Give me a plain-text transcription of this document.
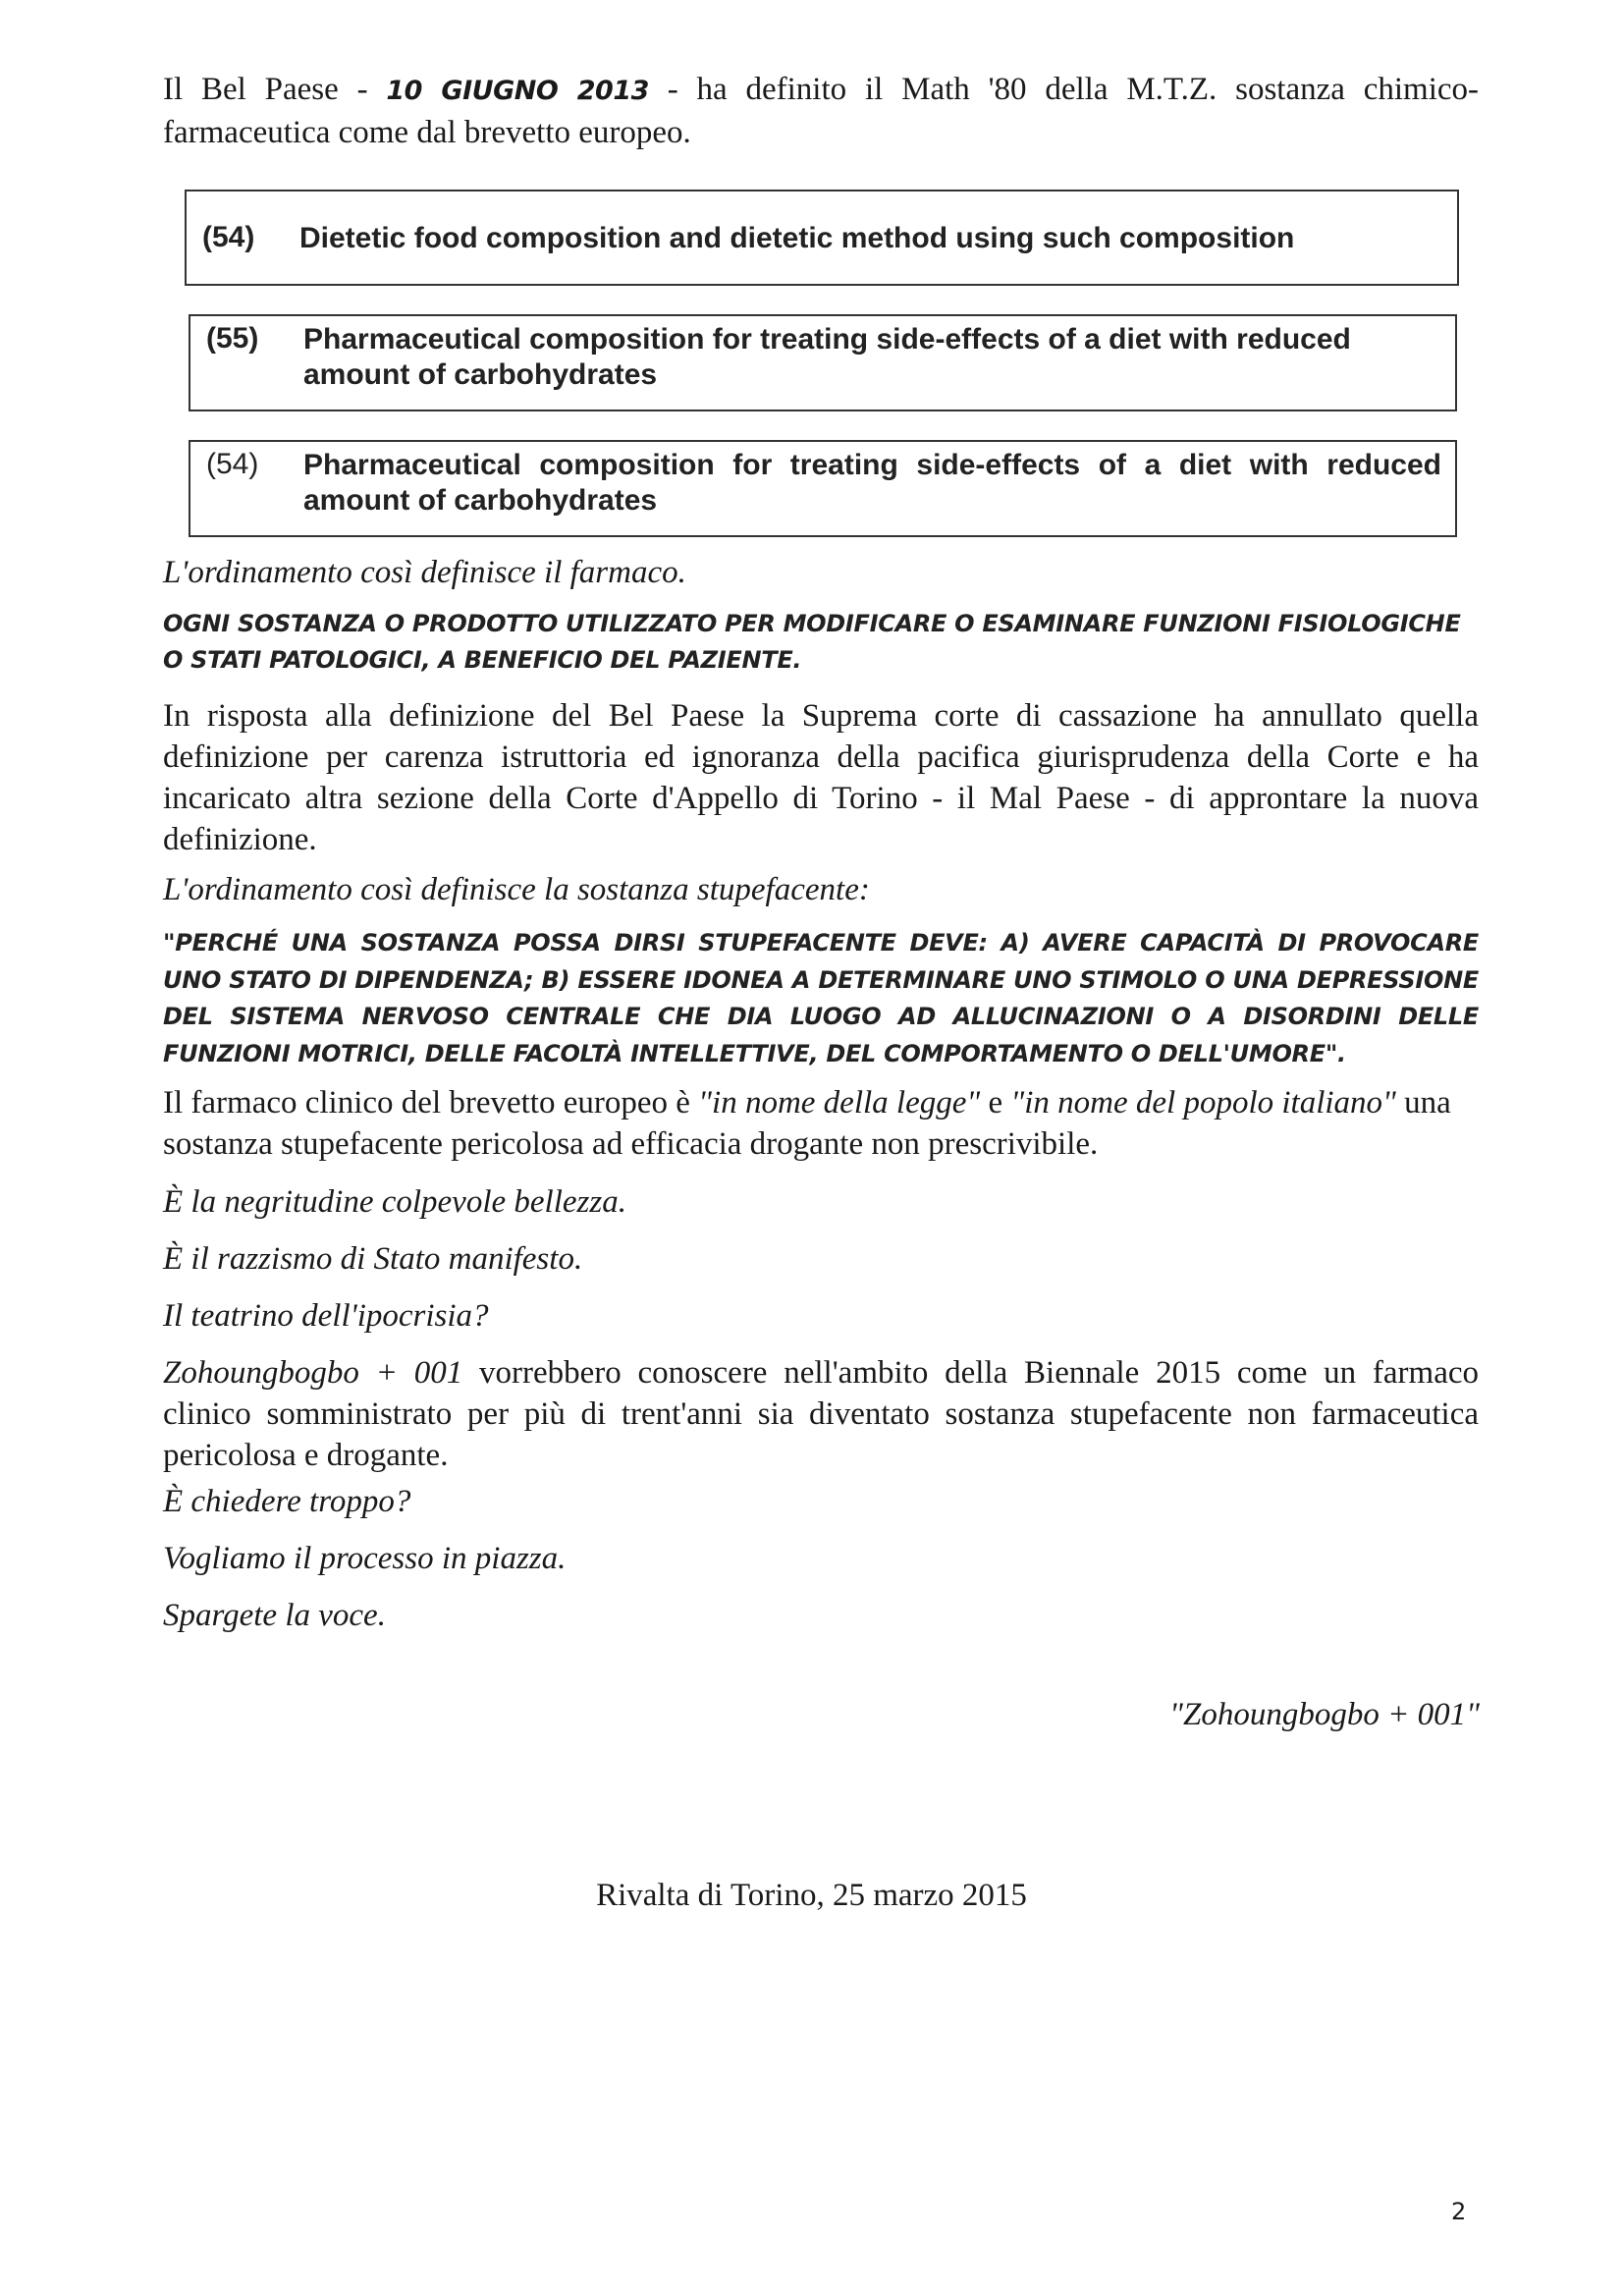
Il Bel Paese - 10 GIUGNO 2013 - ha definito il Math '80 della M.T.Z. sostanza chimico-farmaceutica come dal brevetto europeo.

(54) Dietetic food composition and dietetic method using such composition
(55) Pharmaceutical composition for treating side-effects of a diet with reduced amount of carbohydrates
(54) Pharmaceutical composition for treating side-effects of a diet with reduced amount of carbohydrates

L'ordinamento così definisce il farmaco.

OGNI SOSTANZA O PRODOTTO UTILIZZATO PER MODIFICARE O ESAMINARE FUNZIONI FISIOLOGICHE O STATI PATOLOGICI, A BENEFICIO DEL PAZIENTE.

In risposta alla definizione del Bel Paese la Suprema corte di cassazione ha annullato quella definizione per carenza istruttoria ed ignoranza della pacifica giurisprudenza della Corte e ha incaricato altra sezione della Corte d'Appello di Torino - il Mal Paese - di approntare la nuova definizione.

L'ordinamento così definisce la sostanza stupefacente:

"PERCHÉ UNA SOSTANZA POSSA DIRSI STUPEFACENTE DEVE: A) AVERE CAPACITÀ DI PROVOCARE UNO STATO DI DIPENDENZA; B) ESSERE IDONEA A DETERMINARE UNO STIMOLO O UNA DEPRESSIONE DEL SISTEMA NERVOSO CENTRALE CHE DIA LUOGO AD ALLUCINAZIONI O A DISORDINI DELLE FUNZIONI MOTRICI, DELLE FACOLTÀ INTELLETTIVE, DEL COMPORTAMENTO O DELL'UMORE".

Il farmaco clinico del brevetto europeo è "in nome della legge" e "in nome del popolo italiano" una sostanza stupefacente pericolosa ad efficacia drogante non prescrivibile.

È la negritudine colpevole bellezza.

È il razzismo di Stato manifesto.

Il teatrino dell'ipocrisia?

Zohoungbogbo + 001 vorrebbero conoscere nell'ambito della Biennale 2015 come un farmaco clinico somministrato per più di trent'anni sia diventato sostanza stupefacente non farmaceutica pericolosa e drogante.

È chiedere troppo?

Vogliamo il processo in piazza.

Spargete la voce.

"Zohoungbogbo + 001"
Rivalta di Torino, 25 marzo 2015
2
